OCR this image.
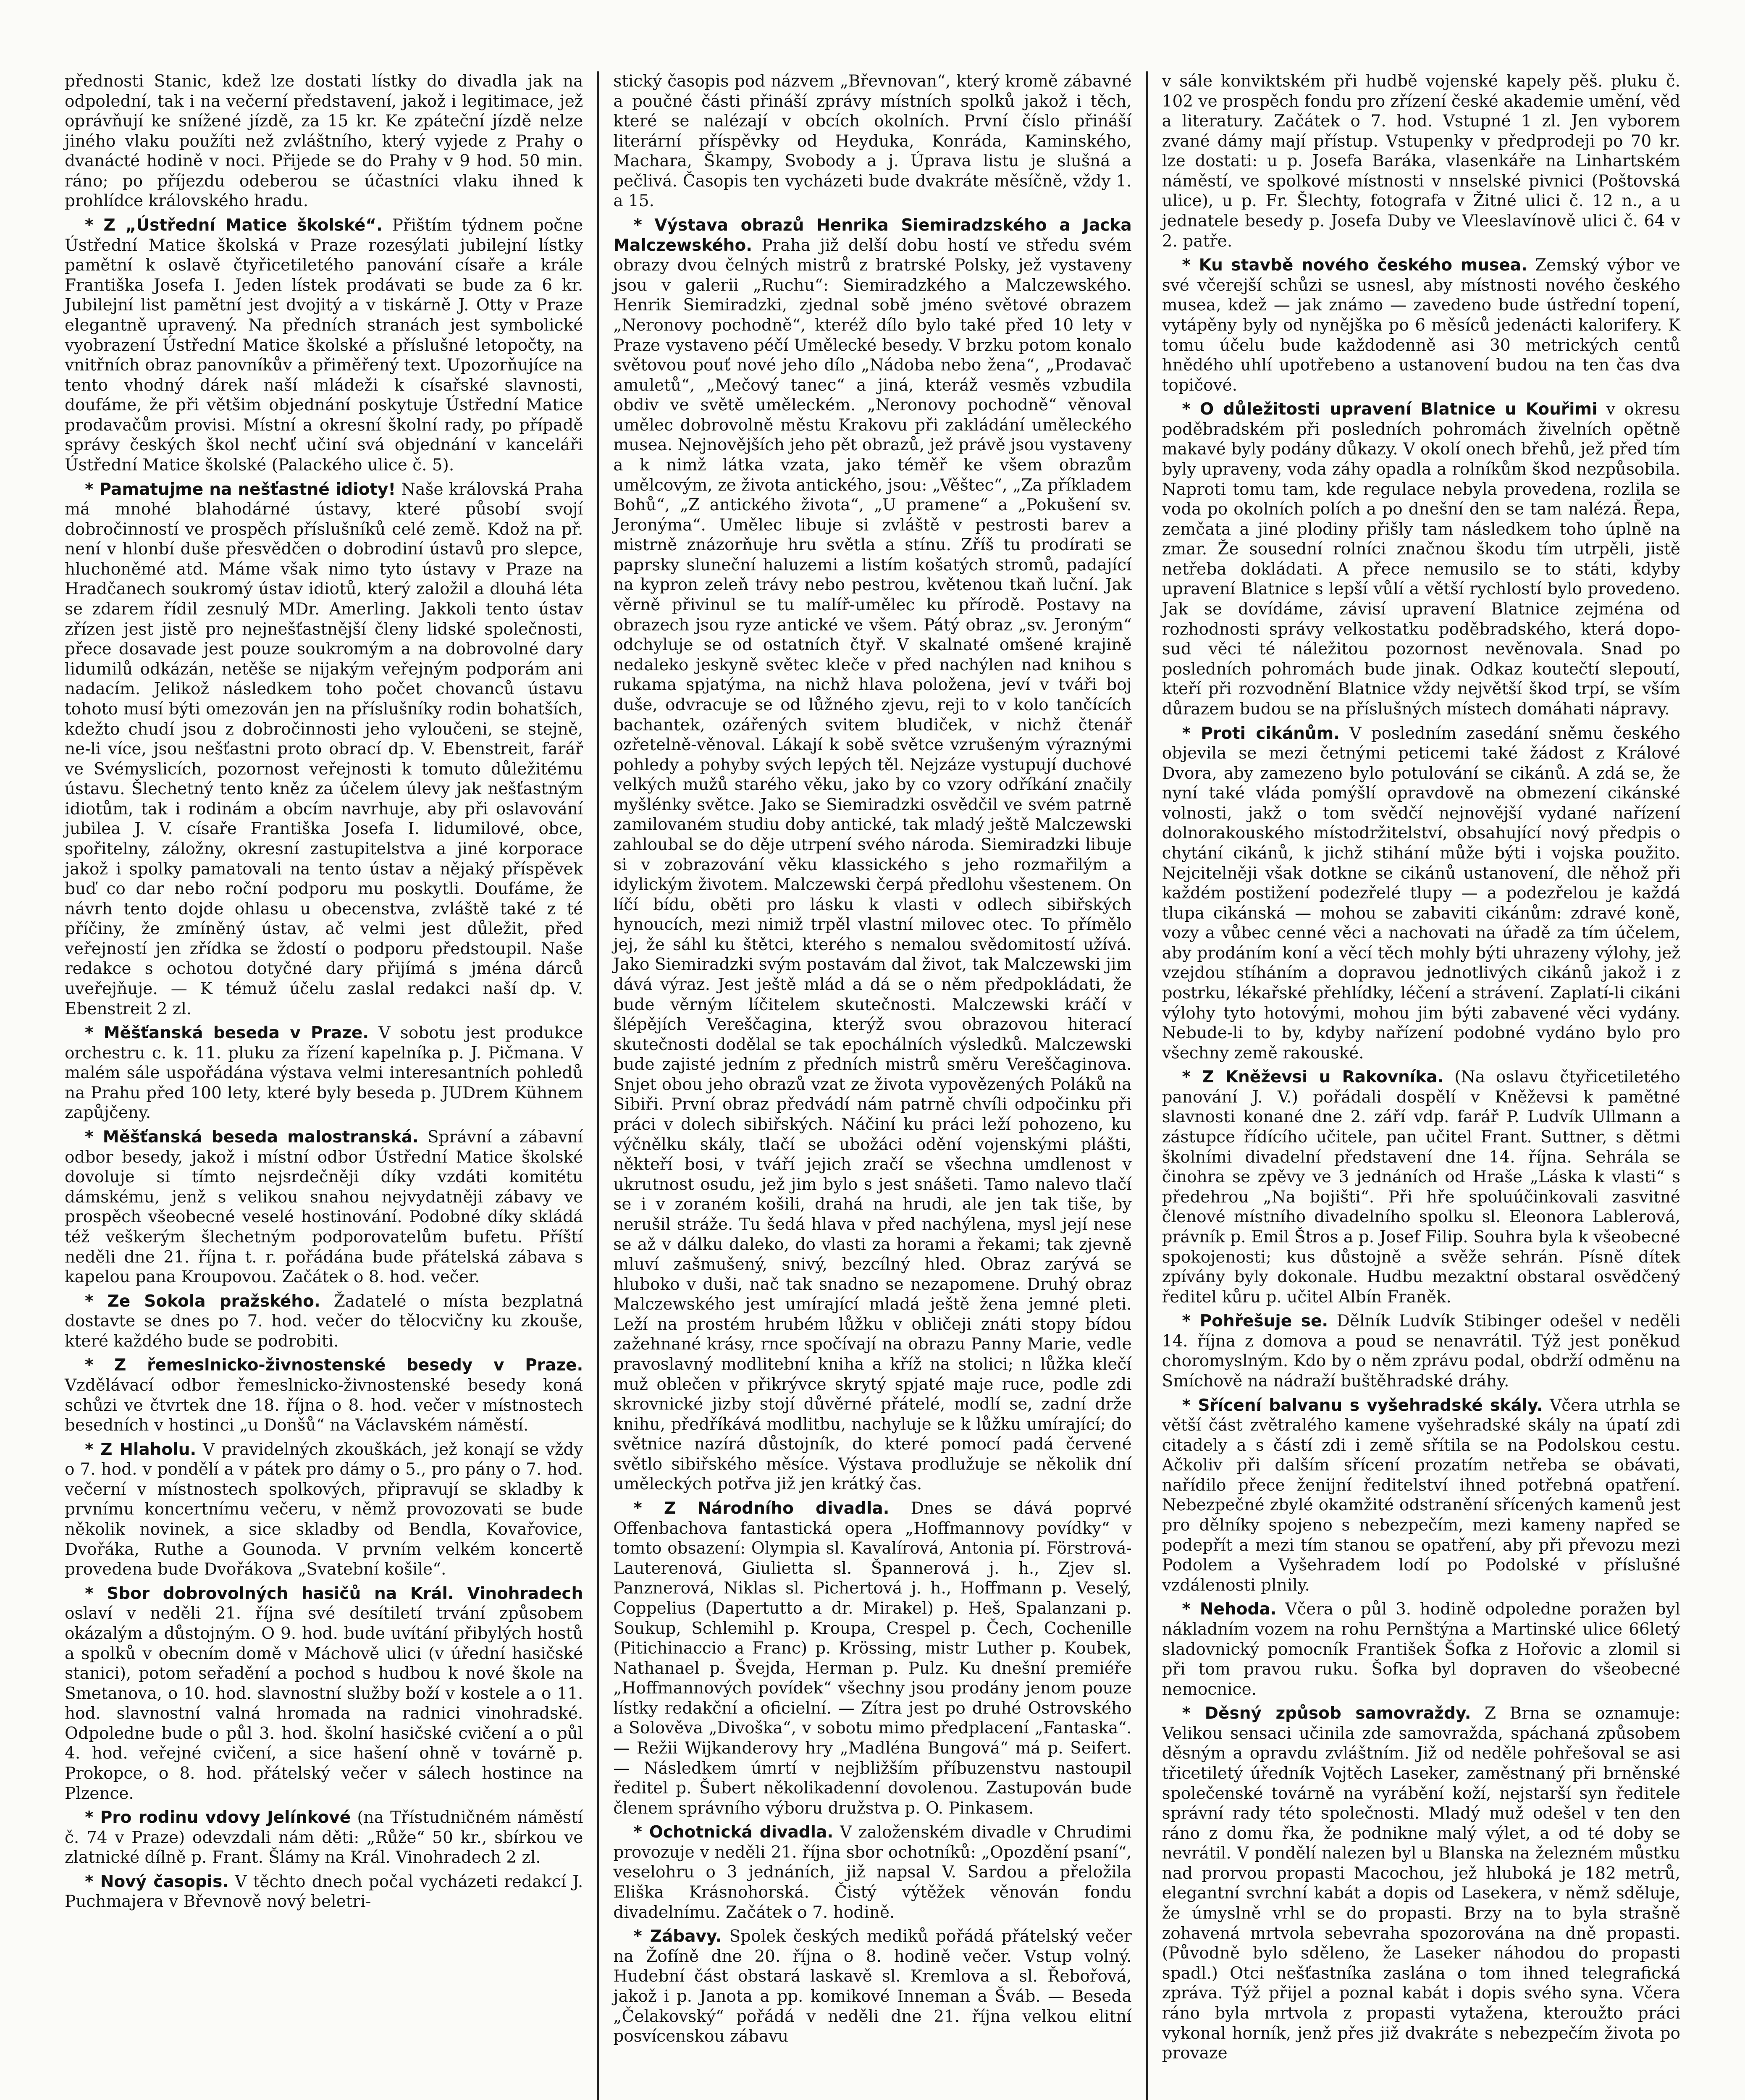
přednosti Stanic, kdež lze dostati lístky do divadla jak na odpolední, tak i na večerní představení, jakož i legitimace, jež oprávňují ke snížené jízdě, za 15 kr. Ke zpáteční jízdě nelze jiného vlaku použíti než zvláštního, který vyjede z Prahy o dvanácté hodině v noci. Přijede se do Prahy v 9 hod. 50 min. ráno; po příjezdu odeberou se účastníci vlaku ihned k prohlídce královského hradu.

* Z „Ústřední Matice školské“. Přištím týdnem počne Ústřední Matice školská v Praze rozesýlati jubilejní lístky pamětní k oslavě čtyřicetiletého panování císaře a krále Františka Josefa I. Jeden lístek prodávati se bude za 6 kr. Jubilejní list pamětní jest dvojitý a v tiskárně J. Otty v Praze elegantně upravený. Na předních stranách jest symbolické vyobrazení Ústřední Matice školské a příslušné letopočty, na vnitřních obraz panovníkův a přiměřený text. Upozorňujíce na tento vhodný dárek naší mládeži k císařské slavnosti, doufáme, že při většim objednání poskytuje Ústřední Matice prodavačům provisi. Místní a okresní školní rady, po případě správy českých škol nechť učiní svá objednání v kanceláři Ústřední Matice školské (Palackého ulice č. 5).

* Pamatujme na nešťastné idioty! Naše královská Praha má mnohé blahodárné ústavy, které působí svojí dobročinností ve prospěch příslušníků celé země. Kdož na př. není v hlonbí duše přesvědčen o dobrodiní ústavů pro slepce, hluchoněmé atd. Máme však nimo tyto ústavy v Praze na Hradčanech soukromý ústav idiotů, který založil a dlouhá léta se zdarem řídil zesnulý MDr. Amerling. Jakkoli tento ústav zřízen jest jistě pro nejnešťastnější členy lidské společnosti, přece dosavade jest pouze soukromým a na dobrovolné dary lidumilů odkázán, netěše se nijakým veřejným podporám ani nadacím. Jelikož následkem toho počet chovanců ústavu tohoto musí býti omezován jen na příslušníky rodin bohatších, kdežto chudí jsou z dobročinnosti jeho vyloučeni, se stejně, ne-li více, jsou nešťastni proto obrací dp. V. Ebenstreit, farář ve Svémyslicích, pozornost veřejnosti k tomuto důležitému ústavu. Šlechetný tento kněz za účelem úlevy jak nešťastným idiotům, tak i rodinám a obcím navrhuje, aby při oslavování jubilea J. V. císaře Františka Josefa I. lidumilové, obce, spořitelny, záložny, okresní zastupitelstva a jiné korporace jakož i spolky pamatovali na tento ústav a nějaký příspěvek buď co dar nebo roční podporu mu poskytli. Doufáme, že návrh tento dojde ohlasu u obecenstva, zvláště také z té příčiny, že zmíněný ústav, ač velmi jest důležit, před veřejností jen zřídka se ždostí o podporu předstoupil. Naše redakce s ochotou dotyčné dary přijímá s jména dárců uveřejňuje. — K témuž účelu zaslal redakci naší dp. V. Ebenstreit 2 zl.

* Měšťanská beseda v Praze. V sobotu jest produkce orchestru c. k. 11. pluku za řízení kapelníka p. J. Pičmana. V malém sále uspořádána výstava velmi interesantních pohledů na Prahu před 100 lety, které byly beseda p. JUDrem Kühnem zapůjčeny.

* Měšťanská beseda malostranská. Správní a zábavní odbor besedy, jakož i místní odbor Ústřední Matice školské dovoluje si tímto nejsrdečněji díky vzdáti komitétu dámskému, jenž s velikou snahou nejvydatněji zábavy ve prospěch všeobecné veselé hostinování. Podobné díky skládá též veškerým šlechetným podporovatelům bufetu. Příští neděli dne 21. října t. r. pořádána bude přátelská zábava s kapelou pana Kroupovou. Začátek o 8. hod. večer.

* Ze Sokola pražského. Žadatelé o místa bezplatná dostavte se dnes po 7. hod. večer do tělocvičny ku zkouše, které každého bude se podrobiti.

* Z řemeslnicko-živnostenské besedy v Praze. Vzdělávací odbor řemeslnicko-živnostenské besedy koná schůzi ve čtvrtek dne 18. října o 8. hod. večer v místnostech besedních v hostinci „u Donšů“ na Václavském náměstí.

* Z Hlaholu. V pravidelných zkouškách, jež konají se vždy o 7. hod. v pondělí a v pátek pro dámy o 5., pro pány o 7. hod. večerní v místnostech spolkových, připravují se skladby k prvnímu koncertnímu večeru, v němž provozovati se bude několik novinek, a sice skladby od Bendla, Kovařovice, Dvořáka, Ruthe a Gounoda. V prvním velkém koncertě provedena bude Dvořákova „Svatební košile“.

* Sbor dobrovolných hasičů na Král. Vinohradech oslaví v neděli 21. října své desítiletí trvání způsobem okázalým a důstojným. O 9. hod. bude uvítání přibylých hostů a spolků v obecním domě v Máchově ulici (v úřední hasičské stanici), potom seřadění a pochod s hudbou k nové škole na Smetanova, o 10. hod. slavnostní služby boží v kostele a o 11. hod. slavnostní valná hromada na radnici vinohradské. Odpoledne bude o půl 3. hod. školní hasičské cvičení a o půl 4. hod. veřejné cvičení, a sice hašení ohně v továrně p. Prokopce, o 8. hod. přátelský večer v sálech hostince na Plzence.

* Pro rodinu vdovy Jelínkové (na Třístudničném náměstí č. 74 v Praze) odevzdali nám děti: „Růže“ 50 kr., sbírkou ve zlatnické dílně p. Frant. Šlámy na Král. Vinohradech 2 zl.

* Nový časopis. V těchto dnech počal vycházeti redakcí J. Puchmajera v Břevnově nový beletri-

stický časopis pod názvem „Břevnovan“, který kromě zábavné a poučné části přináší zprávy místních spolků jakož i těch, které se nalézají v obcích okolních. První číslo přináší literární příspěvky od Heyduka, Konráda, Kaminského, Machara, Škampy, Svobody a j. Úprava listu je slušná a pečlivá. Časopis ten vycházeti bude dvakráte měsíčně, vždy 1. a 15.

* Výstava obrazů Henrika Siemiradzského a Jacka Malczewského. Praha již delší dobu hostí ve středu svém obrazy dvou čelných mistrů z bratrské Polsky, jež vystaveny jsou v galerii „Ruchu“: Siemiradzkého a Malczewského. Henrik Siemiradzki, zjednal sobě jméno světové obrazem „Neronovy pochodně“, kteréž dílo bylo také před 10 lety v Praze vystaveno péčí Umělecké besedy. V brzku potom konalo světovou pouť nové jeho dílo „Nádoba nebo žena“, „Prodavač amuletů“, „Mečový tanec“ a jiná, kteráž vesměs vzbudila obdiv ve světě uměleckém. „Neronovy pochodně“ věnoval umělec dobrovolně městu Krakovu při zakládání uměleckého musea. Nejnovějších jeho pět obrazů, jež právě jsou vystaveny a k nimž látka vzata, jako téměř ke všem obrazům umělcovým, ze života antického, jsou: „Věštec“, „Za příkladem Bohů“, „Z antického života“, „U pramene“ a „Pokušení sv. Jeronýma“. Umělec libuje si zvláště v pestrosti barev a mistrně znázorňuje hru světla a stínu. Zříš tu prodírati se paprsky sluneční haluzemi a listím košatých stromů, padající na kypron zeleň trávy nebo pestrou, květenou tkaň luční. Jak věrně přivinul se tu malíř-umělec ku přírodě. Postavy na obrazech jsou ryze antické ve všem. Pátý obraz „sv. Jeroným“ odchyluje se od ostatních čtyř. V skalnaté omšené krajině nedaleko jeskyně světec kleče v před nachýlen nad knihou s rukama spjatýma, na nichž hlava položena, jeví v tváři boj duše, odvracuje se od lůžného zjevu, reji to v kolo tančících bachantek, ozářených svitem bludiček, v nichž čtenář ozřetelně-věnoval. Lákají k sobě světce vzrušeným výraznými pohledy a pohyby svých lepých těl. Nejzáze vystupují duchové velkých mužů starého věku, jako by co vzory odříkání značily myšlénky světce. Jako se Siemiradzki osvědčil ve svém patrně zamilovaném studiu doby antické, tak mladý ještě Malczewski zahloubal se do děje utrpení svého národa. Siemiradzki libuje si v zobrazování věku klassického s jeho rozmařilým a idylickým životem. Malczewski čerpá předlohu všestenem. On líčí bídu, oběti pro lásku k vlasti v odlech sibiřských hynoucích, mezi nimiž trpěl vlastní milovec otec. To přímělo jej, že sáhl ku štětci, kterého s nemalou svědomitostí užívá. Jako Siemiradzki svým postavám dal život, tak Malczewski jim dává výraz. Jest ještě mlád a dá se o něm předpokládati, že bude věrným líčitelem skutečnosti. Malczewski kráčí v šlépějích Vereščagina, kterýž svou obrazovou hiterací skutečnosti dodělal se tak epochálních výsledků. Malczewski bude zajisté jedním z předních mistrů směru Vereščaginova. Snjet obou jeho obrazů vzat ze života vypovězených Poláků na Sibiři. První obraz předvádí nám patrně chvíli odpočinku při práci v dolech sibiřských. Náčiní ku práci leží pohozeno, ku výčnělku skály, tlačí se ubožáci odění vojenskými plášti, někteří bosi, v tváří jejich zračí se všechna umdlenost v ukrutnost osudu, jež jim bylo s jest snášeti. Tamo nalevo tlačí se i v zoraném košili, drahá na hrudi, ale jen tak tiše, by nerušil stráže. Tu šedá hlava v před nachýlena, mysl její nese se až v dálku daleko, do vlasti za horami a řekami; tak zjevně mluví zašmušený, snivý, bezcílný hled. Obraz zarývá se hluboko v duši, nač tak snadno se nezapomene. Druhý obraz Malczewského jest umírající mladá ještě žena jemné pleti. Leží na prostém hrubém lůžku v obličeji znáti stopy bídou zažehnané krásy, rnce spočívají na obrazu Panny Marie, vedle pravoslavný modlitební kniha a kříž na stolici; n lůžka klečí muž oblečen v přikrývce skrytý spjaté maje ruce, podle zdi skrovnické jizby stojí důvěrné přátelé, modlí se, zadní drže knihu, předříkává modlitbu, nachyluje se k lůžku umírající; do světnice nazírá důstojník, do které pomocí padá červené světlo sibiřského měsíce. Výstava prodlužuje se několik dní uměleckých potřva již jen krátký čas.

* Z Národního divadla. Dnes se dává poprvé Offenbachova fantastická opera „Hoffmannovy povídky“ v tomto obsazení: Olympia sl. Kavalírová, Antonia pí. Förstrová-Lauterenová, Giulietta sl. Špannerová j. h., Zjev sl. Panznerová, Niklas sl. Pichertová j. h., Hoffmann p. Veselý, Coppelius (Dapertutto a dr. Mirakel) p. Heš, Spalanzani p. Soukup, Schlemihl p. Kroupa, Crespel p. Čech, Cochenille (Pitichinaccio a Franc) p. Krössing, mistr Luther p. Koubek, Nathanael p. Švejda, Herman p. Pulz. Ku dnešní premiéře „Hoffmannových povídek“ všechny jsou prodány jenom pouze lístky redakční a oficielní. — Zítra jest po druhé Ostrovského a Solověva „Divoška“, v sobotu mimo předplacení „Fantaska“. — Režii Wijkanderovy hry „Madléna Bungová“ má p. Seifert. — Následkem úmrtí v nejbližším příbuzenstvu nastoupil ředitel p. Šubert několikadenní dovolenou. Zastupován bude členem správního výboru družstva p. O. Pinkasem.

* Ochotnická divadla. V založenském divadle v Chrudimi provozuje v neděli 21. října sbor ochotníků: „Opozdění psaní“, veselohru o 3 jednáních, již napsal V. Sardou a přeložila Eliška Krásnohorská. Čistý výtěžek věnován fondu divadelnímu. Začátek o 7. hodině.

* Zábavy. Spolek českých mediků pořádá přátelský večer na Žofíně dne 20. října o 8. hodině večer. Vstup volný. Hudební část obstará laskavě sl. Kremlova a sl. Řebořová, jakož i p. Janota a pp. komikové Inneman a Šváb. — Beseda „Čelakovský“ pořádá v neděli dne 21. října velkou elitní posvícenskou zábavu

v sále konviktském při hudbě vojenské kapely pěš. pluku č. 102 ve prospěch fondu pro zřízení české akademie umění, věd a literatury. Začátek o 7. hod. Vstupné 1 zl. Jen vyborem zvané dámy mají přístup. Vstupenky v předprodeji po 70 kr. lze dostati: u p. Josefa Baráka, vlasenkáře na Linhartském náměstí, ve spolkové místnosti v nnselské pivnici (Poštovská ulice), u p. Fr. Šlechty, fotografa v Žitné ulici č. 12 n., a u jednatele besedy p. Josefa Duby ve Vleeslavínově ulici č. 64 v 2. patře.

* Ku stavbě nového českého musea. Zemský výbor ve své včerejší schůzi se usnesl, aby místnosti nového českého musea, kdež — jak známo — zavedeno bude ústřední topení, vytápěny byly od nynějška po 6 měsíců jedenácti kalorifery. K tomu účelu bude každodenně asi 30 metrických centů hnědého uhlí upotřebeno a ustanovení budou na ten čas dva topičové.

* O důležitosti upravení Blatnice u Kouřimi v okresu poděbradském při posledních pohromách živelních opětně makavé byly podány důkazy. V okolí onech břehů, jež před tím byly upraveny, voda záhy opadla a rolníkům škod nezpůsobila. Naproti tomu tam, kde regulace nebyla provedena, rozlila se voda po okolních polích a po dnešní den se tam nalézá. Řepa, zemčata a jiné plodiny přišly tam následkem toho úplně na zmar. Že sousední rolníci značnou škodu tím utrpěli, jistě netřeba dokládati. A přece nemusilo se to státi, kdyby upravení Blatnice s lepší vůlí a větší rychlostí bylo provedeno. Jak se dovídáme, závisí upravení Blatnice zejména od rozhodnosti správy velkostatku poděbradského, která doposud věci té náležitou pozornost nevěnovala. Snad po posledních pohromách bude jinak. Odkaz koutečtí slepoutí, kteří při rozvodnění Blatnice vždy největší škod trpí, se vším důrazem budou se na příslušných místech domáhati nápravy.

* Proti cikánům. V posledním zasedání sněmu českého objevila se mezi četnými peticemi také žádost z Králové Dvora, aby zamezeno bylo potulování se cikánů. A zdá se, že nyní také vláda pomýšlí opravdově na obmezení cikánské volnosti, jakž o tom svědčí nejnovější vydané nařízení dolnorakouského místodržitelství, obsahující nový předpis o chytání cikánů, k jichž stihání může býti i vojska použito. Nejcitelněji však dotkne se cikánů ustanovení, dle něhož při každém postižení podezřelé tlupy — a podezřelou je každá tlupa cikánská — mohou se zabaviti cikánům: zdravé koně, vozy a vůbec cenné věci a nachovati na úřadě za tím účelem, aby prodáním koní a věcí těch mohly býti uhrazeny výlohy, jež vzejdou stíháním a dopravou jednotlivých cikánů jakož i z postrku, lékařské přehlídky, léčení a strávení. Zaplatí-li cikáni výlohy tyto hotovými, mohou jim býti zabavené věci vydány. Nebude-li to by, kdyby nařízení podobné vydáno bylo pro všechny země rakouské.

* Z Kněževsi u Rakovníka. (Na oslavu čtyřicetiletého panování J. V.) pořádali dospělí v Kněževsi k pamětné slavnosti konané dne 2. září vdp. farář P. Ludvík Ullmann a zástupce řídícího učitele, pan učitel Frant. Suttner, s dětmi školními divadelní představení dne 14. října. Sehrála se činohra se zpěvy ve 3 jednáních od Hraše „Láska k vlasti“ s předehrou „Na bojišti“. Při hře spoluúčinkovali zasvitné členové místního divadelního spolku sl. Eleonora Lablerová, právník p. Emil Štros a p. Josef Filip. Souhra byla k všeobecné spokojenosti; kus důstojně a svěže sehrán. Písně dítek zpívány byly dokonale. Hudbu mezaktní obstaral osvědčený ředitel kůru p. učitel Albín Franěk.

* Pohřešuje se. Dělník Ludvík Stibinger odešel v neděli 14. října z domova a poud se nenavrátil. Týž jest poněkud choromyslným. Kdo by o něm zprávu podal, obdrží odměnu na Smíchově na nádraží buštěhradské dráhy.

* Sřícení balvanu s vyšehradské skály. Včera utrhla se větší část zvětralého kamene vyšehradské skály na úpatí zdi citadely a s částí zdi i země sřítila se na Podolskou cestu. Ačkoliv při dalším sřícení prozatím netřeba se obávati, nařídilo přece ženijní ředitelství ihned potřebná opatření. Nebezpečné zbylé okamžité odstranění sřícených kamenů jest pro dělníky spojeno s nebezpečím, mezi kameny napřed se podepřít a mezi tím stanou se opatření, aby při převozu mezi Podolem a Vyšehradem lodí po Podolské v příslušné vzdálenosti plnily.

* Nehoda. Včera o půl 3. hodině odpoledne poražen byl nákladním vozem na rohu Pernštýna a Martinské ulice 66letý sladovnický pomocník František Šofka z Hořovic a zlomil si při tom pravou ruku. Šofka byl dopraven do všeobecné nemocnice.

* Děsný způsob samovraždy. Z Brna se oznamuje: Velikou sensaci učinila zde samovražda, spáchaná způsobem děsným a opravdu zvláštním. Již od neděle pohřešoval se asi třicetiletý úředník Vojtěch Laseker, zaměstnaný při brněnské společenské továrně na vyrábění koží, nejstarší syn ředitele správní rady této společnosti. Mladý muž odešel v ten den ráno z domu řka, že podnikne malý výlet, a od té doby se nevrátil. V pondělí nalezen byl u Blanska na železném můstku nad prorvou propasti Macochou, jež hluboká je 182 metrů, elegantní svrchní kabát a dopis od Lasekera, v němž sděluje, že úmyslně vrhl se do propasti. Brzy na to byla strašně zohavená mrtvola sebevraha spozorována na dně propasti. (Původně bylo sděleno, že Laseker náhodou do propasti spadl.) Otci nešťastníka zaslána o tom ihned telegrafická zpráva. Týž přijel a poznal kabát i dopis svého syna. Včera ráno byla mrtvola z propasti vytažena, kteroužto práci vykonal horník, jenž přes již dvakráte s nebezpečím života po provaze
